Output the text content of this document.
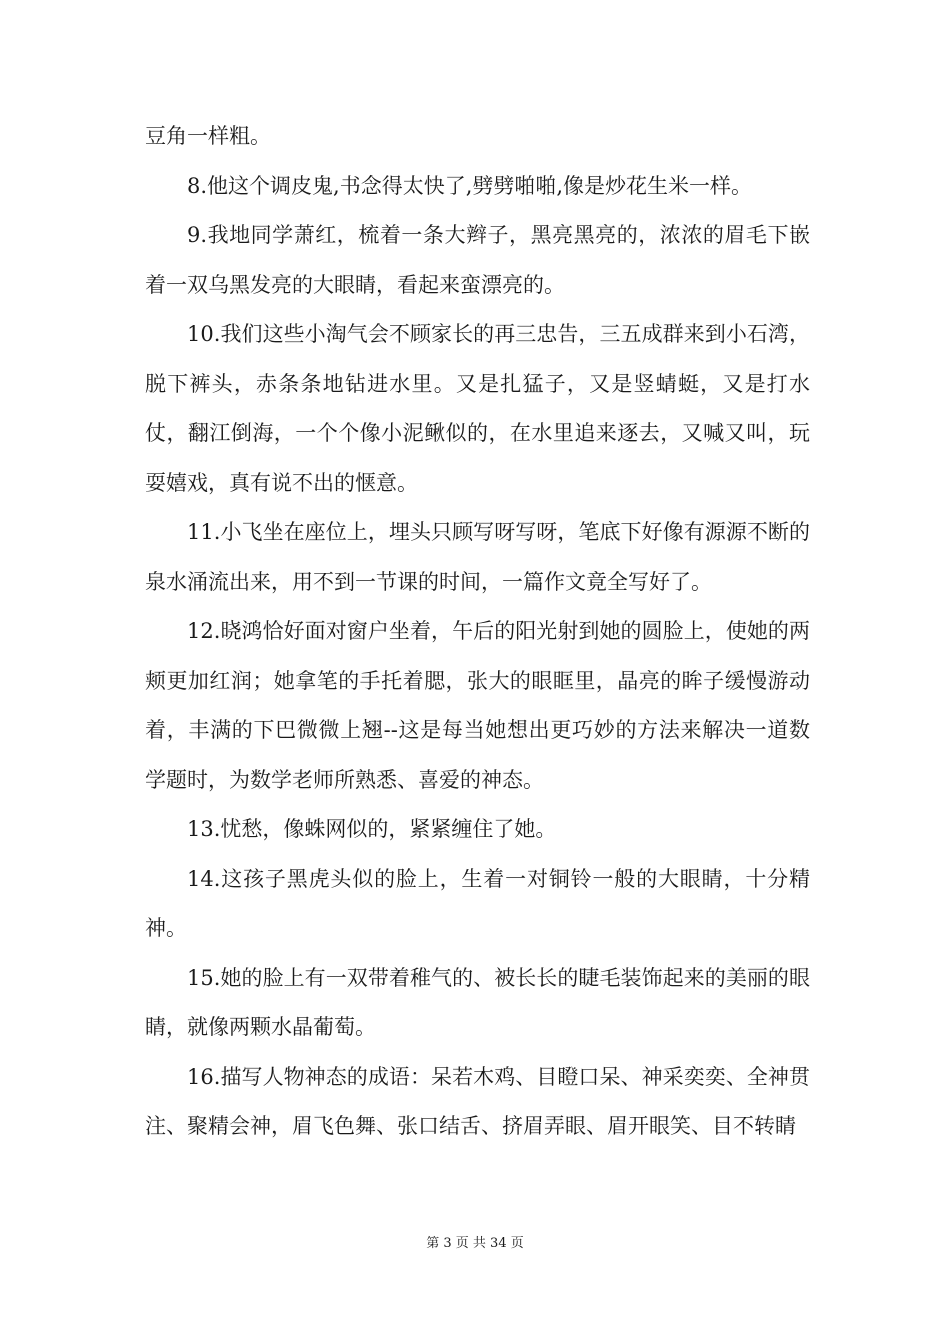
豆角一样粗。

8.他这个调皮鬼,书念得太快了,劈劈啪啪,像是炒花生米一样。

9.我地同学萧红，梳着一条大辫子，黑亮黑亮的，浓浓的眉毛下嵌着一双乌黑发亮的大眼睛，看起来蛮漂亮的。

10.我们这些小淘气会不顾家长的再三忠告，三五成群来到小石湾，脱下裤头，赤条条地钻进水里。又是扎猛子，又是竖蜻蜓，又是打水仗，翻江倒海，一个个像小泥鳅似的，在水里追来逐去，又喊又叫，玩耍嬉戏，真有说不出的惬意。

11.小飞坐在座位上，埋头只顾写呀写呀，笔底下好像有源源不断的泉水涌流出来，用不到一节课的时间，一篇作文竟全写好了。

12.晓鸿恰好面对窗户坐着，午后的阳光射到她的圆脸上，使她的两颊更加红润；她拿笔的手托着腮，张大的眼眶里，晶亮的眸子缓慢游动着，丰满的下巴微微上翘--这是每当她想出更巧妙的方法来解决一道数学题时，为数学老师所熟悉、喜爱的神态。

13.忧愁，像蛛网似的，紧紧缠住了她。

14.这孩子黑虎头似的脸上，生着一对铜铃一般的大眼睛，十分精神。

15.她的脸上有一双带着稚气的、被长长的睫毛装饰起来的美丽的眼睛，就像两颗水晶葡萄。

16.描写人物神态的成语：呆若木鸡、目瞪口呆、神采奕奕、全神贯注、聚精会神，眉飞色舞、张口结舌、挤眉弄眼、眉开眼笑、目不转睛

第 3 页 共 34 页
